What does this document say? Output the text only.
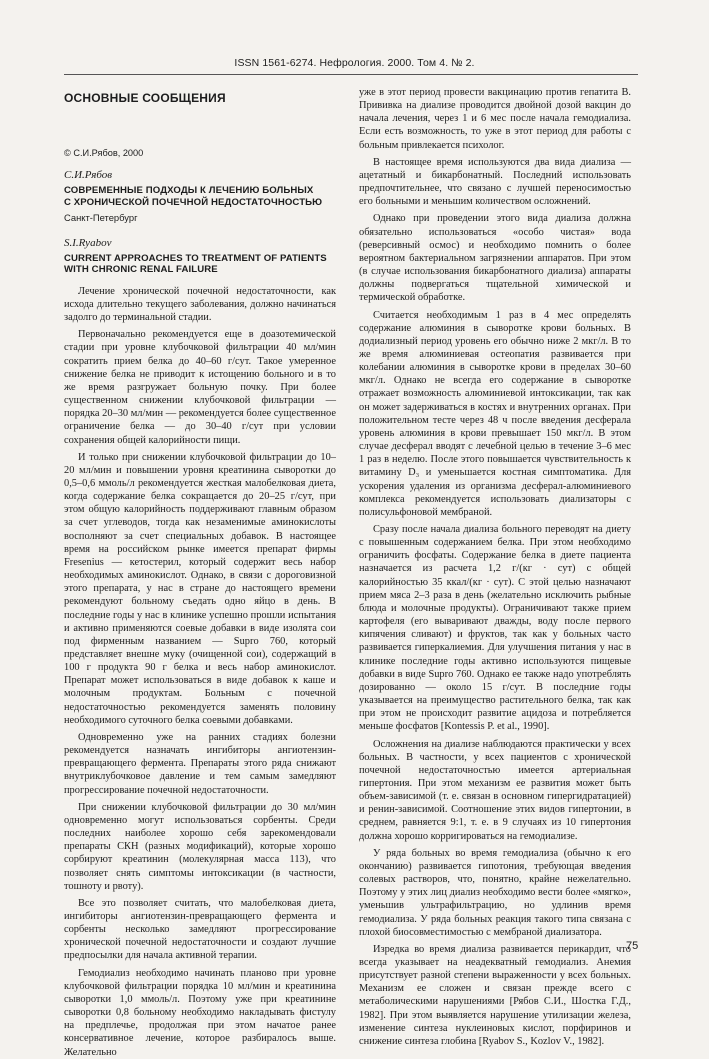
ISSN 1561-6274. Нефрология. 2000. Том 4. № 2.
ОСНОВНЫЕ СООБЩЕНИЯ
© С.И.Рябов, 2000
С.И.Рябов
СОВРЕМЕННЫЕ ПОДХОДЫ К ЛЕЧЕНИЮ БОЛЬНЫХ
С ХРОНИЧЕСКОЙ ПОЧЕЧНОЙ НЕДОСТАТОЧНОСТЬЮ
Санкт-Петербург
S.I.Ryabov
CURRENT APPROACHES TO TREATMENT OF PATIENTS
WITH CHRONIC RENAL FAILURE

Лечение хронической почечной недостаточности, как исхода длительно текущего заболевания, должно начинаться задолго до терминальной стадии.

Первоначально рекомендуется еще в доазотемической стадии при уровне клубочковой фильтрации 40 мл/мин сократить прием белка до 40–60 г/сут. Такое умеренное снижение белка не приводит к истощению больного и в то же время разгружает больную почку. При более существенном снижении клубочковой фильтрации — порядка 20–30 мл/мин — рекомендуется более существенное ограничение белка — до 30–40 г/сут при условии сохранения общей калорийности пищи.

И только при снижении клубочковой фильтрации до 10–20 мл/мин и повышении уровня креатинина сыворотки до 0,5–0,6 ммоль/л рекомендуется жесткая малобелковая диета, когда содержание белка сокращается до 20–25 г/сут, при этом общую калорийность поддерживают главным образом за счет углеводов, тогда как незаменимые аминокислоты восполняют за счет специальных добавок. В настоящее время на российском рынке имеется препарат фирмы Fresenius — кетостерил, который содержит весь набор необходимых аминокислот. Однако, в связи с дороговизной этого препарата, у нас в стране до настоящего времени рекомендуют больному съедать одно яйцо в день. В последние годы у нас в клинике успешно прошли испытания и активно применяются соевые добавки в виде изолята сои под фирменным названием — Supro 760, который представляет внешне муку (очищенной сои), содержащий в 100 г продукта 90 г белка и весь набор аминокислот. Препарат может использоваться в виде добавок к каше и молочным продуктам. Больным с почечной недостаточностью рекомендуется заменять половину необходимого суточного белка соевыми добавками.

Одновременно уже на ранних стадиях болезни рекомендуется назначать ингибиторы ангиотензин-превращающего фермента. Препараты этого ряда снижают внутриклубочковое давление и тем самым замедляют прогрессирование почечной недостаточности.

При снижении клубочковой фильтрации до 30 мл/мин одновременно могут использоваться сорбенты. Среди последних наиболее хорошо себя зарекомендовали препараты СКН (разных модификаций), которые хорошо сорбируют креатинин (молекулярная масса 113), что позволяет снять симптомы интоксикации (в частности, тошноту и рвоту).

Все это позволяет считать, что малобелковая диета, ингибиторы ангиотензин-превращающего фермента и сорбенты несколько замедляют прогрессирование хронической почечной недостаточности и создают лучшие предпосылки для начала активной терапии.

Гемодиализ необходимо начинать планово при уровне клубочковой фильтрации порядка 10 мл/мин и креатинина сыворотки 1,0 ммоль/л. Поэтому уже при креатинине сыворотки 0,8 больному необходимо накладывать фистулу на предплечье, продолжая при этом начатое ранее консервативное лечение, которое разбиралось выше. Желательно

уже в этот период провести вакцинацию против гепатита B. Прививка на диализе проводится двойной дозой вакцин до начала лечения, через 1 и 6 мес после начала гемодиализа. Если есть возможность, то уже в этот период для работы с больным привлекается психолог.

В настоящее время используются два вида диализа — ацетатный и бикарбонатный. Последний использовать предпочтительнее, что связано с лучшей переносимостью его больными и меньшим количеством осложнений.

Однако при проведении этого вида диализа должна обязательно использоваться «особо чистая» вода (реверсивный осмос) и необходимо помнить о более вероятном бактериальном загрязнении аппаратов. При этом (в случае использования бикарбонатного диализа) аппараты должны подвергаться тщательной химической и термической обработке.

Считается необходимым 1 раз в 4 мес определять содержание алюминия в сыворотке крови больных. В додиализный период уровень его обычно ниже 2 мкг/л. В то же время алюминиевая остеопатия развивается при колебании алюминия в сыворотке крови в пределах 30–60 мкг/л. Однако не всегда его содержание в сыворотке отражает возможность алюминиевой интоксикации, так как он может задерживаться в костях и внутренних органах. При положительном тесте через 48 ч после введения десферала уровень алюминия в крови превышает 150 мкг/л. В этом случае десферал вводят с лечебной целью в течение 3–6 мес 1 раз в неделю. После этого повышается чувствительность к витамину D₃ и уменьшается костная симптоматика. Для ускорения удаления из организма десферал-алюминиевого комплекса рекомендуется использовать диализаторы с полисульфоновой мембраной.

Сразу после начала диализа больного переводят на диету с повышенным содержанием белка. При этом необходимо ограничить фосфаты. Содержание белка в диете пациента назначается из расчета 1,2 г/(кг · сут) с общей калорийностью 35 ккал/(кг · сут). С этой целью назначают прием мяса 2–3 раза в день (желательно исключить рыбные блюда и молочные продукты). Ограничивают также прием картофеля (его вываривают дважды, воду после первого кипячения сливают) и фруктов, так как у больных часто развивается гиперкалиемия. Для улучшения питания у нас в клинике последние годы активно используются пищевые добавки в виде Supro 760. Однако ее также надо употреблять дозированно — около 15 г/сут. В последние годы указывается на преимущество растительного белка, так как при этом не происходит развитие ацидоза и потребляется меньше фосфатов [Kontessis P. et al., 1990].

Осложнения на диализе наблюдаются практически у всех больных. В частности, у всех пациентов с хронической почечной недостаточностью имеется артериальная гипертония. При этом механизм ее развития может быть объем-зависимой (т. е. связан в основном гипергидратацией) и ренин-зависимой. Соотношение этих видов гипертонии, в среднем, равняется 9:1, т. е. в 9 случаях из 10 гипертония должна хорошо корригироваться на гемодиализе.

У ряда больных во время гемодиализа (обычно к его окончанию) развивается гипотония, требующая введения солевых растворов, что, понятно, крайне нежелательно. Поэтому у этих лиц диализ необходимо вести более «мягко», уменьшив ультрафильтрацию, но удлинив время гемодиализа. У ряда больных реакция такого типа связана с плохой биосовместимостью с мембраной диализатора.

Изредка во время диализа развивается перикардит, что всегда указывает на неадекватный гемодиализ. Анемия присутствует разной степени выраженности у всех больных. Механизм ее сложен и связан прежде всего с метаболическими нарушениями [Рябов С.И., Шостка Г.Д., 1982]. При этом выявляется нарушение утилизации железа, изменение синтеза нуклеиновых кислот, порфиринов и снижение синтеза глобина [Ryabov S., Kozlov V., 1982].

75
